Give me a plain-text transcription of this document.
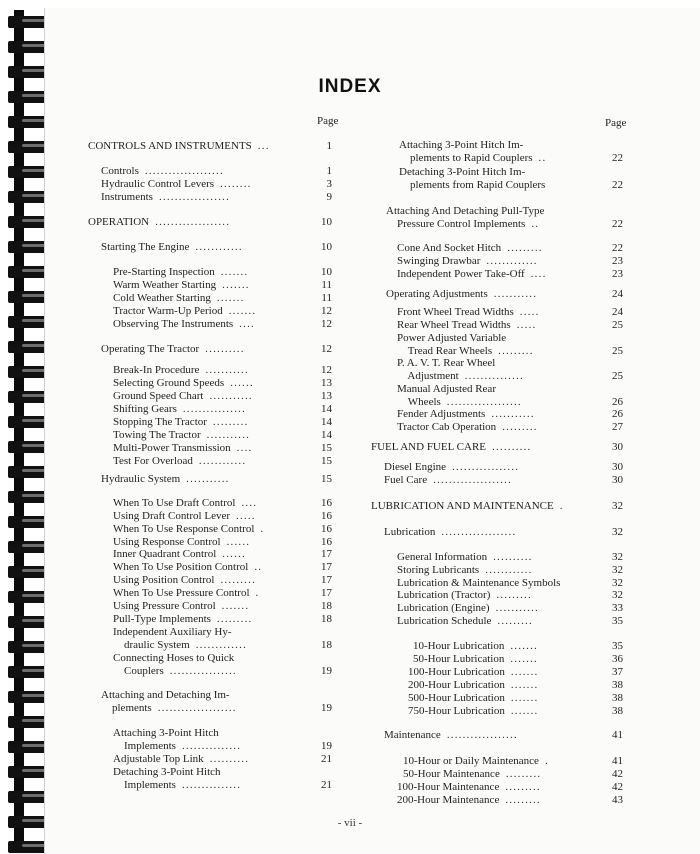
INDEX
Page	Page
CONTROLS AND INSTRUMENTS ...	1
Controls ....................	1
Hydraulic Control Levers ........	3
Instruments ..................	9
OPERATION ...................	10
Starting The Engine ............	10
Pre-Starting Inspection .......	10
Warm Weather Starting .......	11
Cold Weather Starting .......	11
Tractor Warm-Up Period .......	12
Observing The Instruments ....	12
Operating The Tractor ..........	12
Break-In Procedure ...........	12
Selecting Ground Speeds ......	13
Ground Speed Chart ...........	13
Shifting Gears ................	14
Stopping The Tractor .........	14
Towing The Tractor ...........	14
Multi-Power Transmission ....	15
Test For Overload ............	15
Hydraulic System ...........	15
When To Use Draft Control ....	16
Using Draft Control Lever .....	16
When To Use Response Control .	16
Using Response Control ......	16
Inner Quadrant Control ......	17
When To Use Position Control ..	17
Using Position Control .........	17
When To Use Pressure Control .	17
Using Pressure Control .......	18
Pull-Type Implements .........	18
Independent Auxiliary Hy-
draulic System .............	18
Connecting Hoses to Quick
Couplers .................	19
Attaching and Detaching Im-
plements ....................	19
Attaching 3-Point Hitch
Implements ...............	19
Adjustable Top Link ..........	21
Detaching 3-Point Hitch
Implements ...............	21
Attaching 3-Point Hitch Im-
plements to Rapid Couplers ..	22
Detaching 3-Point Hitch Im-
plements from Rapid Couplers	22
Attaching And Detaching Pull-Type
Pressure Control Implements ..	22
Cone And Socket Hitch .........	22
Swinging Drawbar .............	23
Independent Power Take-Off ....	23
Operating Adjustments ...........	24
Front Wheel Tread Widths .....	24
Rear Wheel Tread Widths .....	25
Power Adjusted Variable
Tread Rear Wheels .........	25
P. A. V. T. Rear Wheel
Adjustment ...............	25
Manual Adjusted Rear
Wheels ...................	26
Fender Adjustments ...........	26
Tractor Cab Operation .........	27
FUEL AND FUEL CARE ..........	30
Diesel Engine .................	30
Fuel Care ....................	30
LUBRICATION AND MAINTENANCE .	32
Lubrication ...................	32
General Information ..........	32
Storing Lubricants ............	32
Lubrication & Maintenance Symbols	32
Lubrication (Tractor) .........	32
Lubrication (Engine) ...........	33
Lubrication Schedule .........	35
10-Hour Lubrication .......	35
50-Hour Lubrication .......	36
100-Hour Lubrication .......	37
200-Hour Lubrication .......	38
500-Hour Lubrication .......	38
750-Hour Lubrication .......	38
Maintenance ..................	41
10-Hour or Daily Maintenance .	41
50-Hour Maintenance .........	42
100-Hour Maintenance .........	42
200-Hour Maintenance .........	43
- vii -
